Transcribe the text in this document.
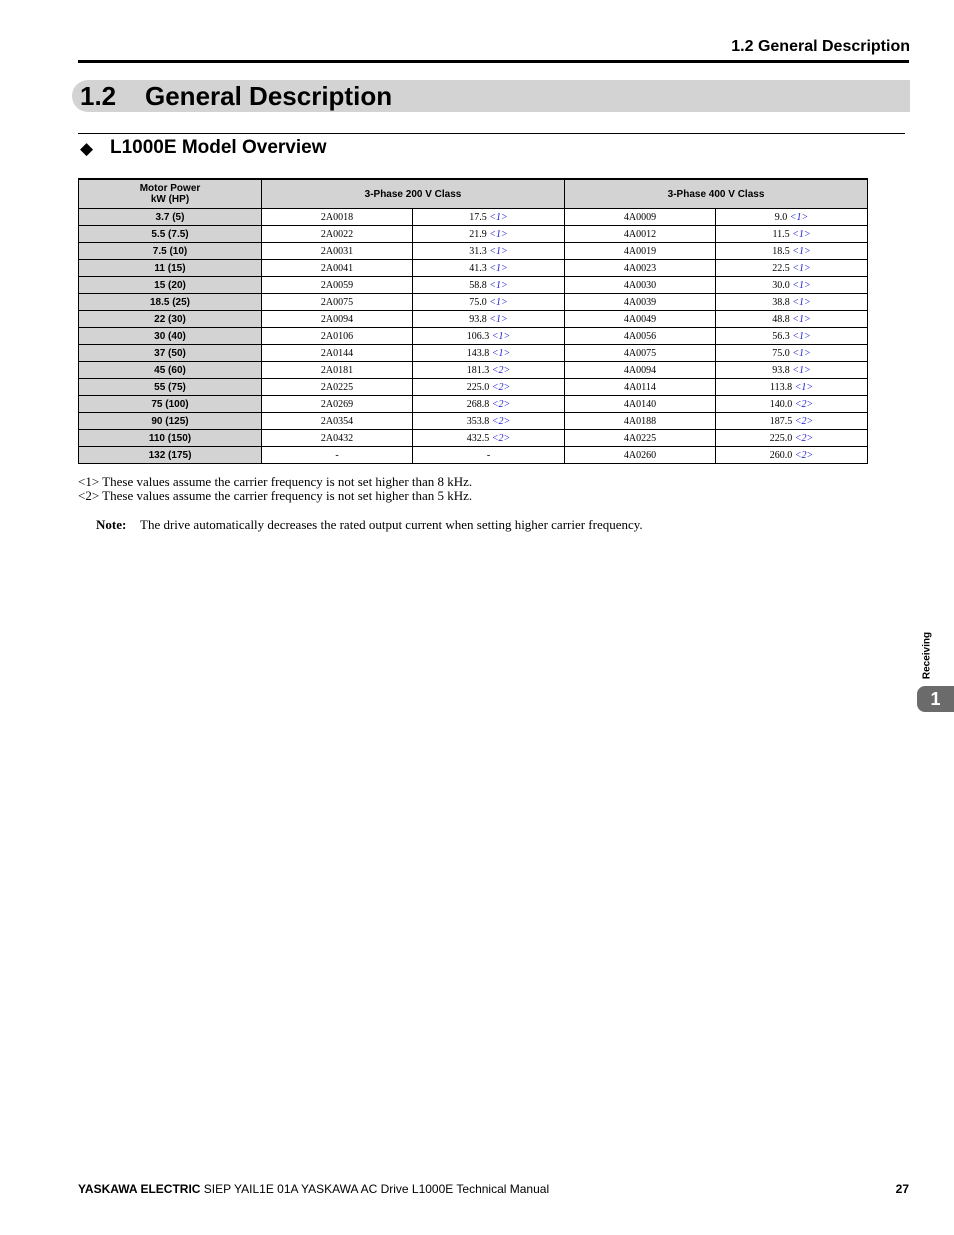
1.2 General Description
1.2 General Description
◆ L1000E Model Overview
Motor Power
kW (HP)	3-Phase 200 V Class		3-Phase 400 V Class	
3.7 (5)	2A0018	17.5 <1>	4A0009	9.0 <1>
5.5 (7.5)	2A0022	21.9 <1>	4A0012	11.5 <1>
7.5 (10)	2A0031	31.3 <1>	4A0019	18.5 <1>
11 (15)	2A0041	41.3 <1>	4A0023	22.5 <1>
15 (20)	2A0059	58.8 <1>	4A0030	30.0 <1>
18.5 (25)	2A0075	75.0 <1>	4A0039	38.8 <1>
22 (30)	2A0094	93.8 <1>	4A0049	48.8 <1>
30 (40)	2A0106	106.3 <1>	4A0056	56.3 <1>
37 (50)	2A0144	143.8 <1>	4A0075	75.0 <1>
45 (60)	2A0181	181.3 <2>	4A0094	93.8 <1>
55 (75)	2A0225	225.0 <2>	4A0114	113.8 <1>
75 (100)	2A0269	268.8 <2>	4A0140	140.0 <2>
90 (125)	2A0354	353.8 <2>	4A0188	187.5 <2>
110 (150)	2A0432	432.5 <2>	4A0225	225.0 <2>
132 (175)	-	-	4A0260	260.0 <2>
<1> These values assume the carrier frequency is not set higher than 8 kHz.
<2> These values assume the carrier frequency is not set higher than 5 kHz.
Note: The drive automatically decreases the rated output current when setting higher carrier frequency.
Receiving
1
YASKAWA ELECTRIC SIEP YAIL1E 01A YASKAWA AC Drive L1000E Technical Manual	27
